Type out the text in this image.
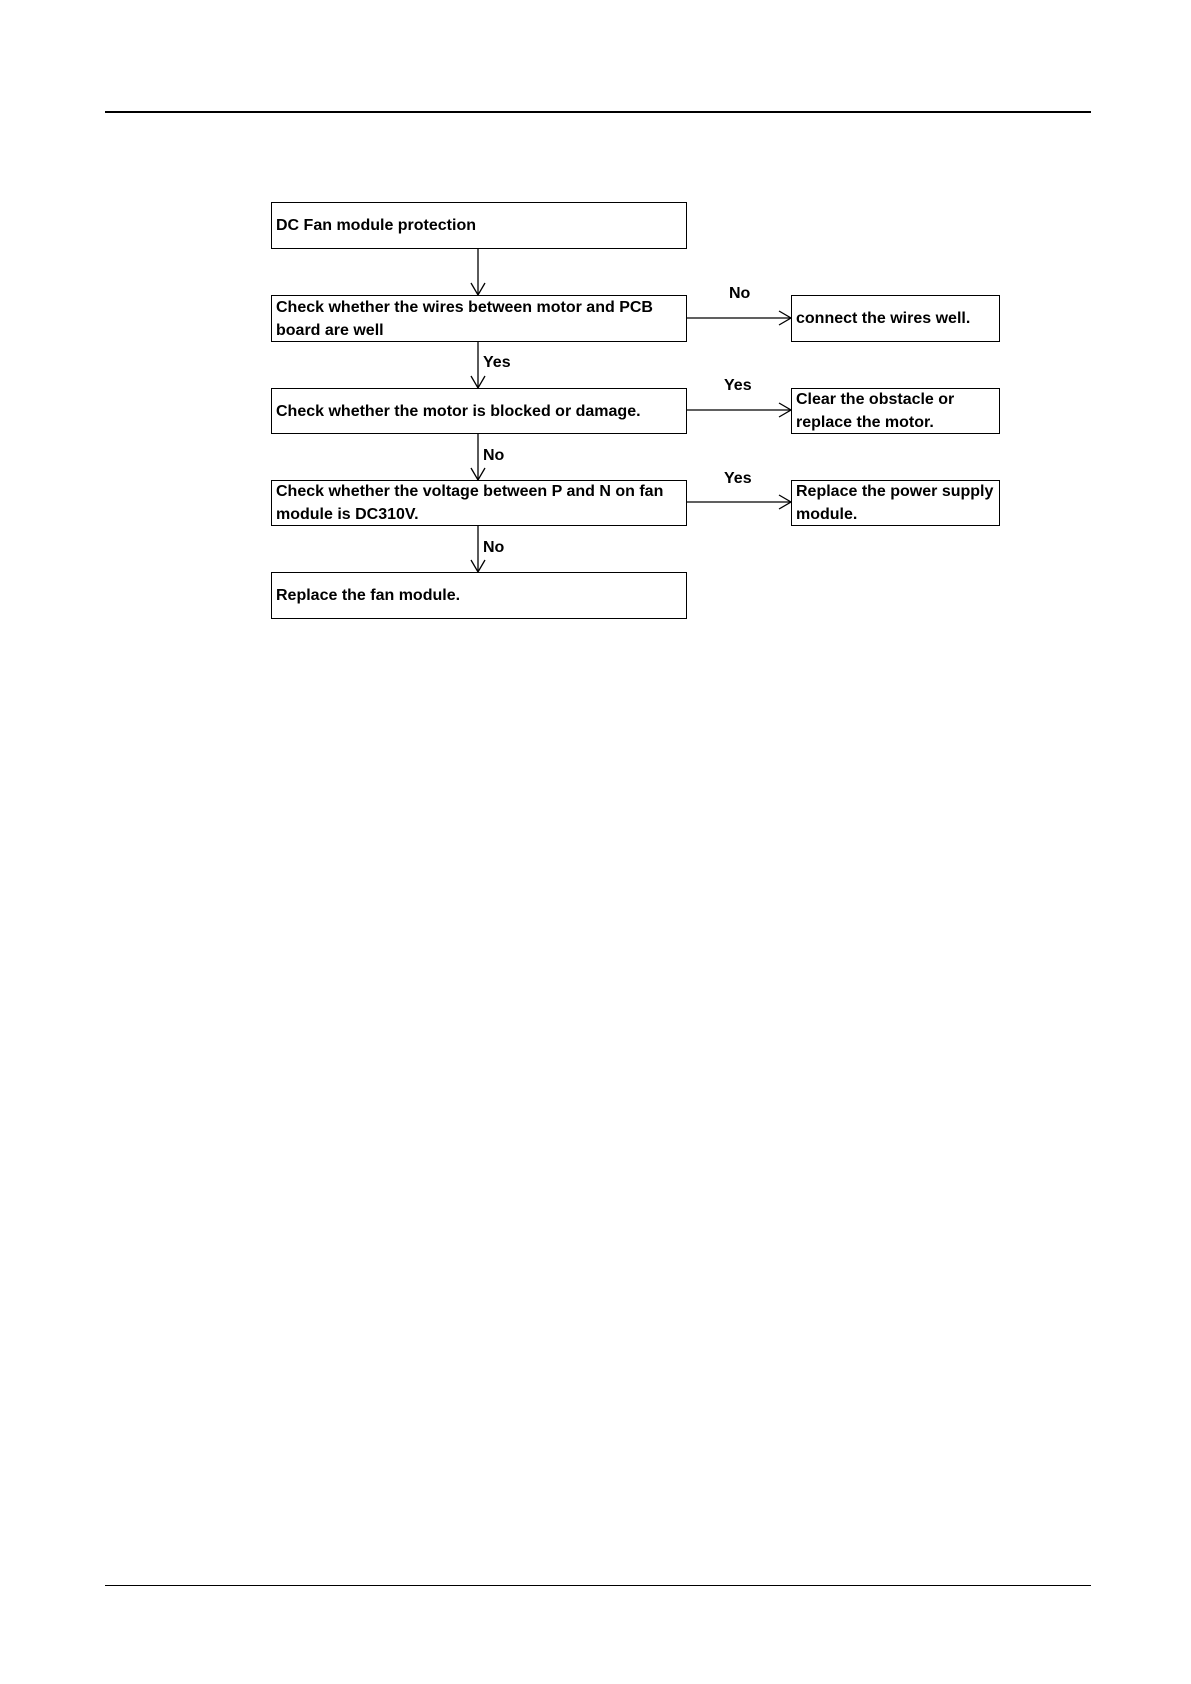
DC Fan module protection
Check whether the wires between motor and PCB board are well
Check whether the motor is blocked or damage.
Check whether the voltage between P and N on fan module is DC310V.
Replace the fan module.
connect the wires well.
Clear the obstacle or replace the motor.
Replace the power supply module.
No
Yes
Yes
No
Yes
No
